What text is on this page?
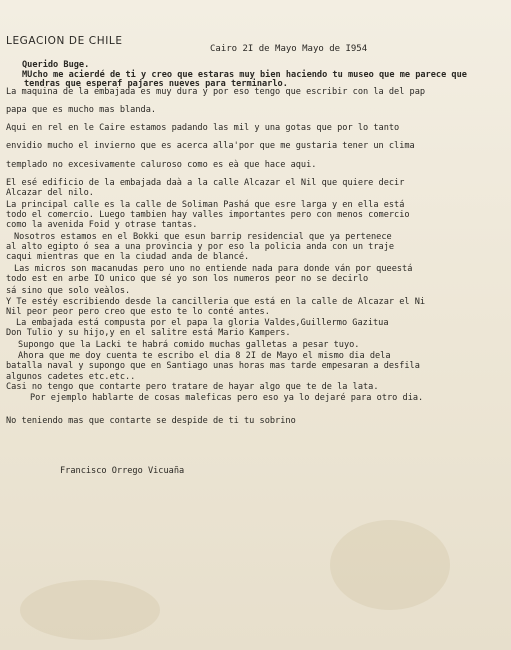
LEGACION DE CHILE
Cairo 2I de Mayo Mayo de I954
Querido Buge.
MUcho me acierdé de ti y creo que estaras muy bien haciendo tu museo que me parece que
tendras que esperaf pajares nueves para terminarlo.
La maquina de la embajada es muy dura y por eso tengo que escribir con la del pap
papa que es mucho mas blanda.
Aqui en rel en le Caire estamos padando las mil y una gotas que por lo tanto
envidio mucho el invierno que es acerca alla'por que me gustaria tener un clima
templado no excesivamente caluroso como es eà que hace aqui.
El esé edificio de la embajada daà a la calle Alcazar el Nil que quiere decir
Alcazar del nilo.
La principal calle es la calle de Soliman Pashá que esre larga y en ella está
todo el comercio. Luego tambien hay valles importantes pero con menos comercio
como la avenida Foid y otrase tantas.
Nosotros estamos en el Bokki que esun barrip residencial que ya pertenece
al alto egipto ó sea a una provincia y por eso la policia anda con un traje
caqui mientras que en la ciudad anda de blancé.
Las micros son macanudas pero uno no entiende nada para donde ván por queestá
todo est en arbe IO unico que sé yo son los numeros peor no se decirlo
sá sino que solo veàlos.
Y Te estéy escribiendo desde la cancilleria que está en la calle de Alcazar el Ni
Nil peor peor pero creo que esto te lo conté antes.
La embajada está compusta por el papa la gloria Valdes,Guillermo Gazitua
Don Tulio y su hijo,y en el salitre está Mario Kampers.
Supongo que la Lacki te habrá comido muchas galletas a pesar tuyo.
Ahora que me doy cuenta te escribo el dia 8 2I de Mayo el mismo dia dela
batalla naval y supongo que en Santiago unas horas mas tarde empesaran a desfila
algunos cadetes etc.etc..
Casi no tengo que contarte pero tratare de hayar algo que te de la lata.
Por ejemplo hablarte de cosas maleficas pero eso ya lo dejaré para otro dia.
No teniendo mas que contarte se despide de ti tu sobrino
Francisco Orrego Vicuaña
